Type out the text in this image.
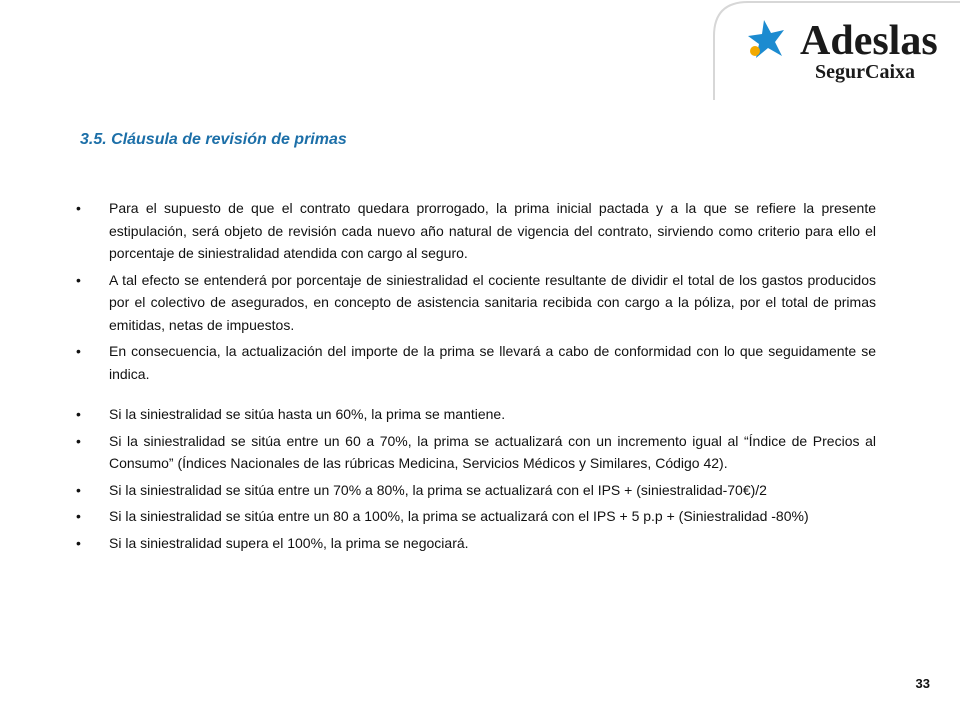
Adeslas
SegurCaixa
3.5. Cláusula de revisión de primas
• Para el supuesto de que el contrato quedara prorrogado, la prima inicial pactada y a la que se refiere la presente estipulación, será objeto de revisión cada nuevo año natural de vigencia del contrato, sirviendo como criterio para ello el porcentaje de siniestralidad atendida con cargo al seguro.
• A tal efecto se entenderá por porcentaje de siniestralidad el cociente resultante de dividir el total de los gastos producidos por el colectivo de asegurados, en concepto de asistencia sanitaria recibida con cargo a la póliza, por el total de primas emitidas, netas de impuestos.
• En consecuencia, la actualización del importe de la prima se llevará a cabo de conformidad con lo que seguidamente se indica.
• Si la siniestralidad se sitúa hasta un 60%, la prima se mantiene.
• Si la siniestralidad se sitúa entre un 60 a 70%, la prima se actualizará con un incremento igual al “Índice de Precios al Consumo” (Índices Nacionales de las rúbricas Medicina, Servicios Médicos y Similares, Código 42).
• Si la siniestralidad se sitúa entre un 70% a 80%, la prima se actualizará con el IPS + (siniestralidad-70€)/2
• Si la siniestralidad se sitúa entre un 80 a 100%, la prima se actualizará con el IPS + 5 p.p + (Siniestralidad -80%)
• Si la siniestralidad supera el 100%, la prima se negociará.
33
